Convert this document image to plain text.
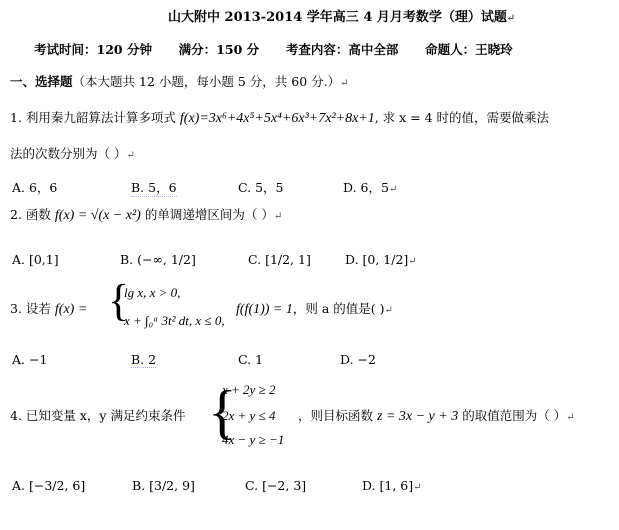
山大附中 2013-2014 学年高三 4 月月考数学（理）试题↵
考试时间：120 分钟 满分：150 分 考查内容：高中全部 命题人：王晓玲
一、选择题（本大题共 12 小题，每小题 5 分，共 60 分.）↵
1. 利用秦九韶算法计算多项式 f(x)=3x⁶+4x⁵+5x⁴+6x³+7x²+8x+1, 求 x = 4 时的值，需要做乘法
法的次数分别为（ ）↵
A. 6，6	B. 5，6	C. 5，5	D. 6，5↵
2. 函数 f(x) = √(x − x²) 的单调递增区间为（ ）↵
A. [0,1]	B. (−∞, 1/2]	C. [1/2, 1]	D. [0, 1/2]↵
3. 设若 f(x) = {
lg x, x > 0,
x + ∫₀ᵃ 3t² dt, x ≤ 0,
f(f(1)) = 1，则 a 的值是( )↵
A. −1	B. 2	C. 1	D. −2
4. 已知变量 x，y 满足约束条件 {
x + 2y ≥ 2
2x + y ≤ 4
4x − y ≥ −1
，则目标函数 z = 3x − y + 3 的取值范围为（ ）↵
A. [−3/2, 6]	B. [3/2, 9]	C. [−2, 3]	D. [1, 6]↵
